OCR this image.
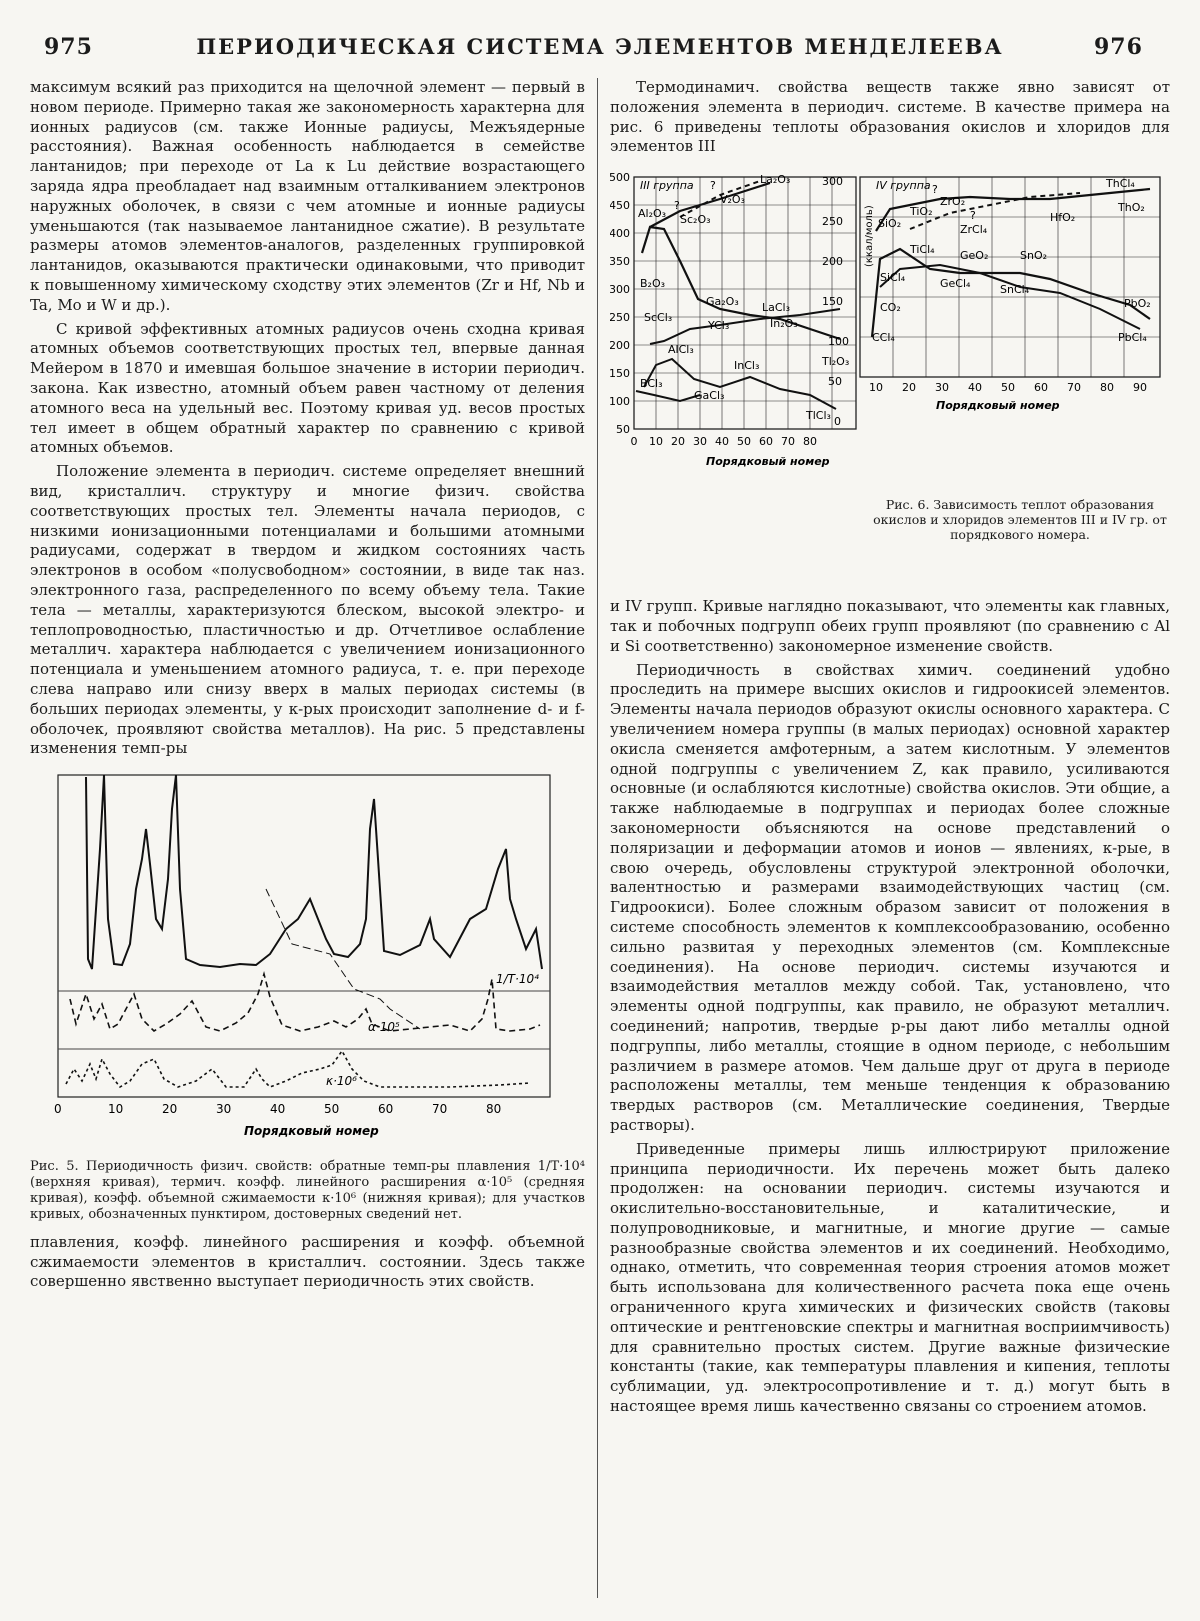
975	ПЕРИОДИЧЕСКАЯ СИСТЕМА ЭЛЕМЕНТОВ МЕНДЕЛЕЕВА	976

максимум всякий раз приходится на щелочной элемент — первый в новом периоде. Примерно такая же закономерность характерна для ионных радиусов (см. также Ионные радиусы, Межъядерные расстояния). Важная особенность наблюдается в семействе лантанидов; при переходе от La к Lu действие возрастающего заряда ядра преобладает над взаимным отталкиванием электронов наружных оболочек, в связи с чем атомные и ионные радиусы уменьшаются (так называемое лантанидное сжатие). В результате размеры атомов элементов-аналогов, разделенных группировкой лантанидов, оказываются практически одинаковыми, что приводит к повышенному химическому сходству этих элементов (Zr и Hf, Nb и Ta, Mo и W и др.).

С кривой эффективных атомных радиусов очень сходна кривая атомных объемов соответствующих простых тел, впервые данная Мейером в 1870 и имевшая большое значение в истории периодич. закона. Как известно, атомный объем равен частному от деления атомного веса на удельный вес. Поэтому кривая уд. весов простых тел имеет в общем обратный характер по сравнению с кривой атомных объемов.

Положение элемента в периодич. системе определяет внешний вид, кристаллич. структуру и многие физич. свойства соответствующих простых тел. Элементы начала периодов, с низкими ионизационными потенциалами и большими атомными радиусами, содержат в твердом и жидком состояниях часть электронов в особом «полусвободном» состоянии, в виде так наз. электронного газа, распределенного по всему объему тела. Такие тела — металлы, характеризуются блеском, высокой электро- и теплопроводностью, пластичностью и др. Отчетливое ослабление металлич. характера наблюдается с увеличением ионизационного потенциала и уменьшением атомного радиуса, т. е. при переходе слева направо или снизу вверх в малых периодах системы (в больших периодах элементы, у к-рых происходит заполнение d- и f-оболочек, проявляют свойства металлов). На рис. 5 представлены изменения темп-ры

1/T·10⁴
α·10⁵
κ·10⁶
0	10	20	30	40	50	60	70	80
Порядковый номер
Рис. 5. Периодичность физич. свойств: обратные темп-ры плавления 1/T·10⁴ (верхняя кривая), термич. коэфф. линейного расширения α·10⁵ (средняя кривая), коэфф. объемной сжимаемости κ·10⁶ (нижняя кривая); для участков кривых, обозначенных пунктиром, достоверных сведений нет.

плавления, коэфф. линейного расширения и коэфф. объемной сжимаемости элементов в кристаллич. состоянии. Здесь также совершенно явственно выступает периодичность этих свойств.

Термодинамич. свойства веществ также явно зависят от положения элемента в периодич. системе. В качестве примера на рис. 6 приведены теплоты образования окислов и хлоридов для элементов III

III группа
Al₂O₃ Sc₂O₃
V₂O₃
La₂O₃
B₂O₃
Ga₂O₃ LaCl₃
ScCl₃
YCl₃	In₂O₃
AlCl₃
InCl₃	Tl₂O₃
BCl₃
GaCl₃
TlCl₃
?
?
500
450
400
350
300
250
200
150
100
50
0 10 20 30 40 50 60 70 80
300
250
200
150
100
50
0
Порядковый номер
IV группа	ThCl₄
ZrO₂
TiO₂
SiO₂	HfO₂
ThO₂
ZrCl₄
TiCl₄ GeO₂	SnO₂
SiCl₄	GeCl₄	SnCl₄
CO₂	PbO₂
CCl₄	PbCl₄
?
?
(ккал/моль)
10 20 30 40 50 60 70 80 90
Порядковый номер
Рис. 6. Зависимость теплот образования окислов и хлоридов элементов III и IV гр. от порядкового номера.

и IV групп. Кривые наглядно показывают, что элементы как главных, так и побочных подгрупп обеих групп проявляют (по сравнению с Al и Si соответственно) закономерное изменение свойств.

Периодичность в свойствах химич. соединений удобно проследить на примере высших окислов и гидроокисей элементов. Элементы начала периодов образуют окислы основного характера. С увеличением номера группы (в малых периодах) основной характер окисла сменяется амфотерным, а затем кислотным. У элементов одной подгруппы с увеличением Z, как правило, усиливаются основные (и ослабляются кислотные) свойства окислов. Эти общие, а также наблюдаемые в подгруппах и периодах более сложные закономерности объясняются на основе представлений о поляризации и деформации атомов и ионов — явлениях, к-рые, в свою очередь, обусловлены структурой электронной оболочки, валентностью и размерами взаимодействующих частиц (см. Гидроокиси). Более сложным образом зависит от положения в системе способность элементов к комплексообразованию, особенно сильно развитая у переходных элементов (см. Комплексные соединения). На основе периодич. системы изучаются и взаимодействия металлов между собой. Так, установлено, что элементы одной подгруппы, как правило, не образуют металлич. соединений; напротив, твердые р-ры дают либо металлы одной подгруппы, либо металлы, стоящие в одном периоде, с небольшим различием в размере атомов. Чем дальше друг от друга в периоде расположены металлы, тем меньше тенденция к образованию твердых растворов (см. Металлические соединения, Твердые растворы).

Приведенные примеры лишь иллюстрируют приложение принципа периодичности. Их перечень может быть далеко продолжен: на основании периодич. системы изучаются и окислительно-восстановительные, и каталитические, и полупроводниковые, и магнитные, и многие другие — самые разнообразные свойства элементов и их соединений. Необходимо, однако, отметить, что современная теория строения атомов может быть использована для количественного расчета пока еще очень ограниченного круга химических и физических свойств (таковы оптические и рентгеновские спектры и магнитная восприимчивость) для сравнительно простых систем. Другие важные физические константы (такие, как температуры плавления и кипения, теплоты сублимации, уд. электросопротивление и т. д.) могут быть в настоящее время лишь качественно связаны со строением атомов.
